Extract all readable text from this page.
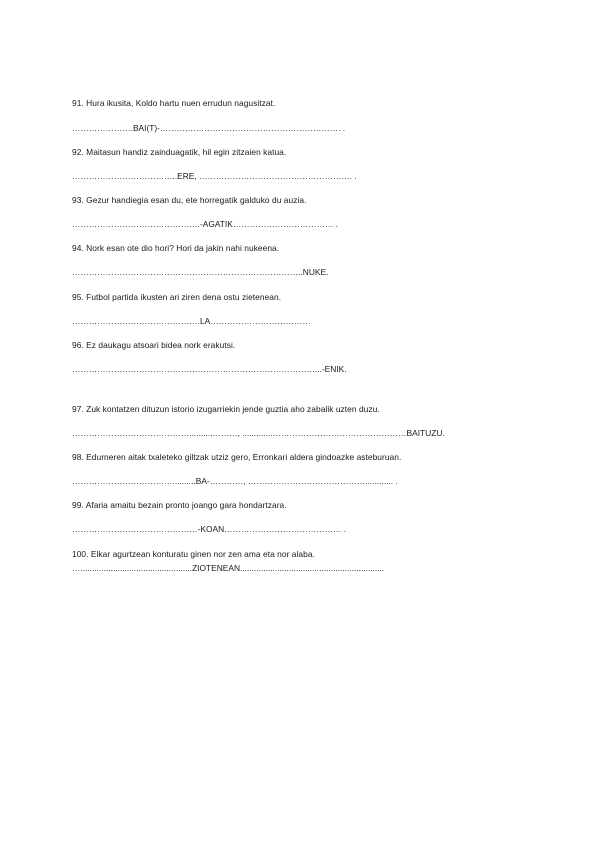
91. Hura ikusita, Koldo hartu nuen errudun nagusitzat.
………………….BAI(T)-………,………………………………………………. .
92. Maitasun handiz zainduagatik, hil egin zitzaien katua.
………………………………..ERE, ………………………………………………. .
93. Gezur handiegia esan du, ete horregatik galduko du auzia.
……………………………………….-AGATIK……………………………… .
94. Nork esan ote dio hori? Hori da jakin nahi nukeena.
………………………………………………………………………..NUKE.
95. Futbol partida ikusten ari ziren dena ostu zietenean.
……………………………………….LA………………………………
96. Ez daukagu atsoari bidea nork erakutsi.
……………………………………………………………………………...-ENIK.
97. Zuk kontatzen dituzun istorio izugarriekin jende guztia aho zabalik uzten duzu.
……………………………………..........………, .............…………………………………………BAITUZU.
98. Edurneren aitak txaleteko giltzak utziz gero, Erronkari aldera gindoazke asteburuan.
………………………………..........BA-…………, ……………………………………............ .
99. Afaria amaitu bezain pronto joango gara hondartzara.
………………………………………-KOAN…………………………………… .
100. Elkar agurtzean konturatu ginen nor zen ama eta nor alaba.
…................................................ZIOTENEAN..............................................................
